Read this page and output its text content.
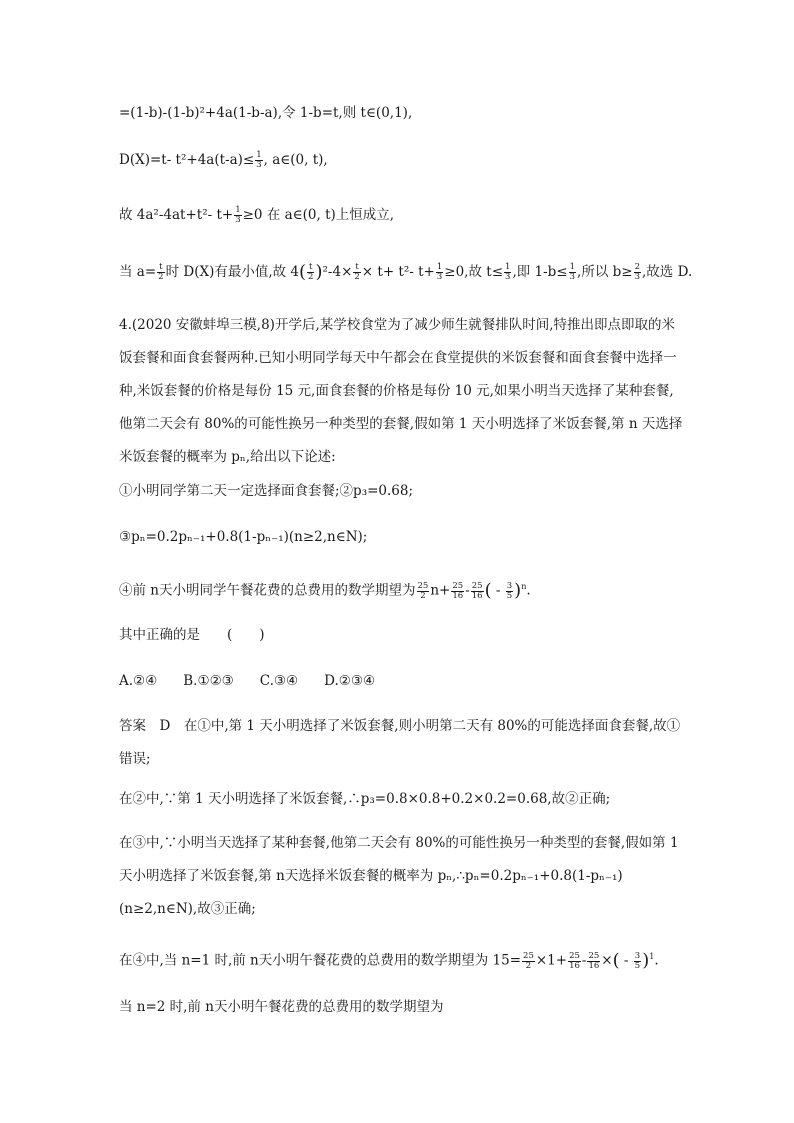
=(1-b)-(1-b)²+4a(1-b-a),令 1-b=t,则 t∈(0,1),
D(X)=t- $t^2+4a(t-a)\le \frac{1}{3}$ , a∈(0, t),
故 4a²-4at+t²- $t+ \frac{1}{3} \ge 0$ 在 a∈(0, t)上恒成立,
当 $a= \frac{t}{2}$ 时 D(X)有最小值,故 $4( \frac{t}{2} )^2-4\times \frac{t}{2} \times t+ t^2-$ $t+ \frac{1}{3} \ge 0$,故 $t\le \frac{1}{3}$ ,即 $1-b\le \frac{1}{3}$ ,所以 $b\ge \frac{2}{3}$ ,故选 D.
4.(2020 安徽蚌埠三模,8)开学后,某学校食堂为了减少师生就餐排队时间,特推出即点即取的米饭套餐和面食套餐两种.已知小明同学每天中午都会在食堂提供的米饭套餐和面食套餐中选择一种,米饭套餐的价格是每份 15 元,面食套餐的价格是每份 10 元,如果小明当天选择了某种套餐,他第二天会有 80%的可能性换另一种类型的套餐,假如第 1 天小明选择了米饭套餐,第 n 天选择米饭套餐的概率为 pₙ,给出以下论述:
①小明同学第二天一定选择面食套餐;②p₃=0.68;
③pₙ=0.2pₙ₋₁+0.8(1-pₙ₋₁)(n≥2,n∈N);
④前 n天小明同学午餐花费的总费用的数学期望为 $\frac{25}{2} n+ \frac{25}{16} - \frac{25}{16}$ ( - $\frac{3}{5} )^n$.
其中正确的是　　(　　)
A.②④ B.①②③ C.③④ D.②③④
答案　D　在①中,第 1 天小明选择了米饭套餐,则小明第二天有 80%的可能选择面食套餐,故①错误;
在②中,∵第 1 天小明选择了米饭套餐,∴p₃=0.8×0.8+0.2×0.2=0.68,故②正确;
在③中,∵小明当天选择了某种套餐,他第二天会有 80%的可能性换另一种类型的套餐,假如第 1 天小明选择了米饭套餐,第 n天选择米饭套餐的概率为 pₙ,∴pₙ=0.2pₙ₋₁+0.8(1-pₙ₋₁)(n≥2,n∈N),故③正确;
在④中,当 n=1 时,前 n天小明午餐花费的总费用的数学期望为 $15= \frac{25}{2} \times 1+ \frac{25}{16} - \frac{25}{16}$ ×( - $\frac{3}{5} )^1$.
当 n=2 时,前 n天小明午餐花费的总费用的数学期望为
